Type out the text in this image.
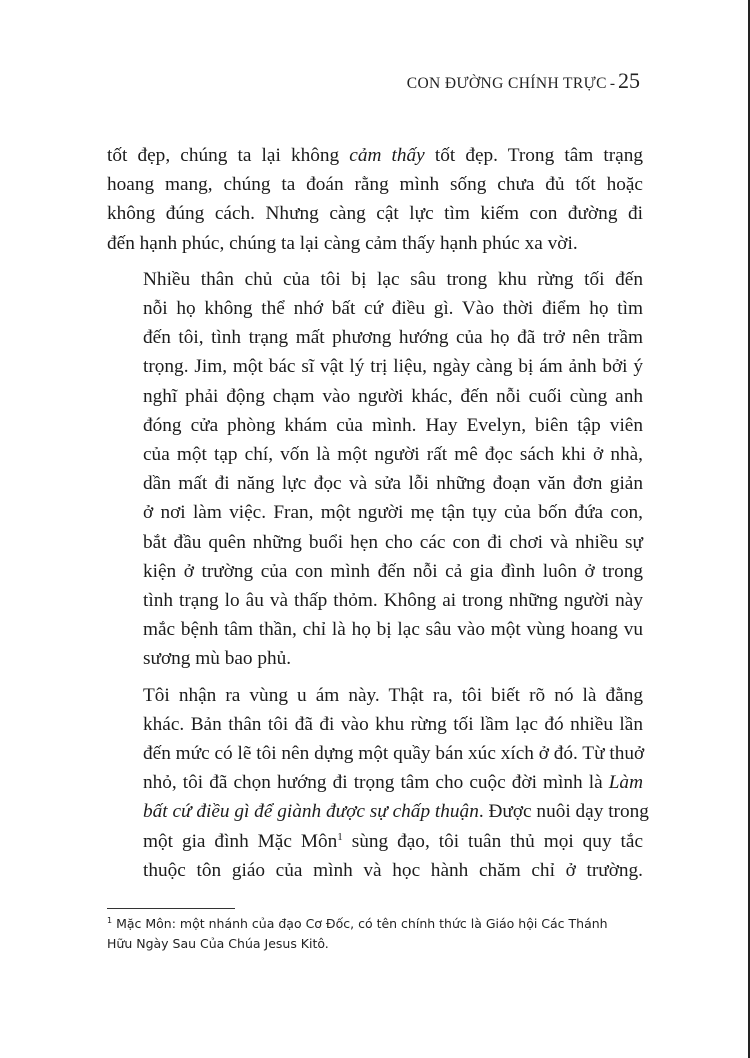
CON ĐƯỜNG CHÍNH TRỰC - 25

tốt đẹp, chúng ta lại không cảm thấy tốt đẹp. Trong tâm trạng
hoang mang, chúng ta đoán rằng mình sống chưa đủ tốt hoặc
không đúng cách. Nhưng càng cật lực tìm kiếm con đường đi
đến hạnh phúc, chúng ta lại càng cảm thấy hạnh phúc xa vời.

Nhiều thân chủ của tôi bị lạc sâu trong khu rừng tối đến
nỗi họ không thể nhớ bất cứ điều gì. Vào thời điểm họ tìm
đến tôi, tình trạng mất phương hướng của họ đã trở nên trầm
trọng. Jim, một bác sĩ vật lý trị liệu, ngày càng bị ám ảnh bởi ý
nghĩ phải động chạm vào người khác, đến nỗi cuối cùng anh
đóng cửa phòng khám của mình. Hay Evelyn, biên tập viên
của một tạp chí, vốn là một người rất mê đọc sách khi ở nhà,
dần mất đi năng lực đọc và sửa lỗi những đoạn văn đơn giản
ở nơi làm việc. Fran, một người mẹ tận tụy của bốn đứa con,
bắt đầu quên những buổi hẹn cho các con đi chơi và nhiều sự
kiện ở trường của con mình đến nỗi cả gia đình luôn ở trong
tình trạng lo âu và thấp thỏm. Không ai trong những người này
mắc bệnh tâm thần, chỉ là họ bị lạc sâu vào một vùng hoang vu
sương mù bao phủ.

Tôi nhận ra vùng u ám này. Thật ra, tôi biết rõ nó là đằng
khác. Bản thân tôi đã đi vào khu rừng tối lầm lạc đó nhiều lần
đến mức có lẽ tôi nên dựng một quầy bán xúc xích ở đó. Từ thuở
nhỏ, tôi đã chọn hướng đi trọng tâm cho cuộc đời mình là Làm
bất cứ điều gì để giành được sự chấp thuận. Được nuôi dạy trong
một gia đình Mặc Môn$^1$ sùng đạo, tôi tuân thủ mọi quy tắc
thuộc tôn giáo của mình và học hành chăm chỉ ở trường.

$^1$ Mặc Môn: một nhánh của đạo Cơ Đốc, có tên chính thức là Giáo hội Các Thánh
Hữu Ngày Sau Của Chúa Jesus Kitô.
